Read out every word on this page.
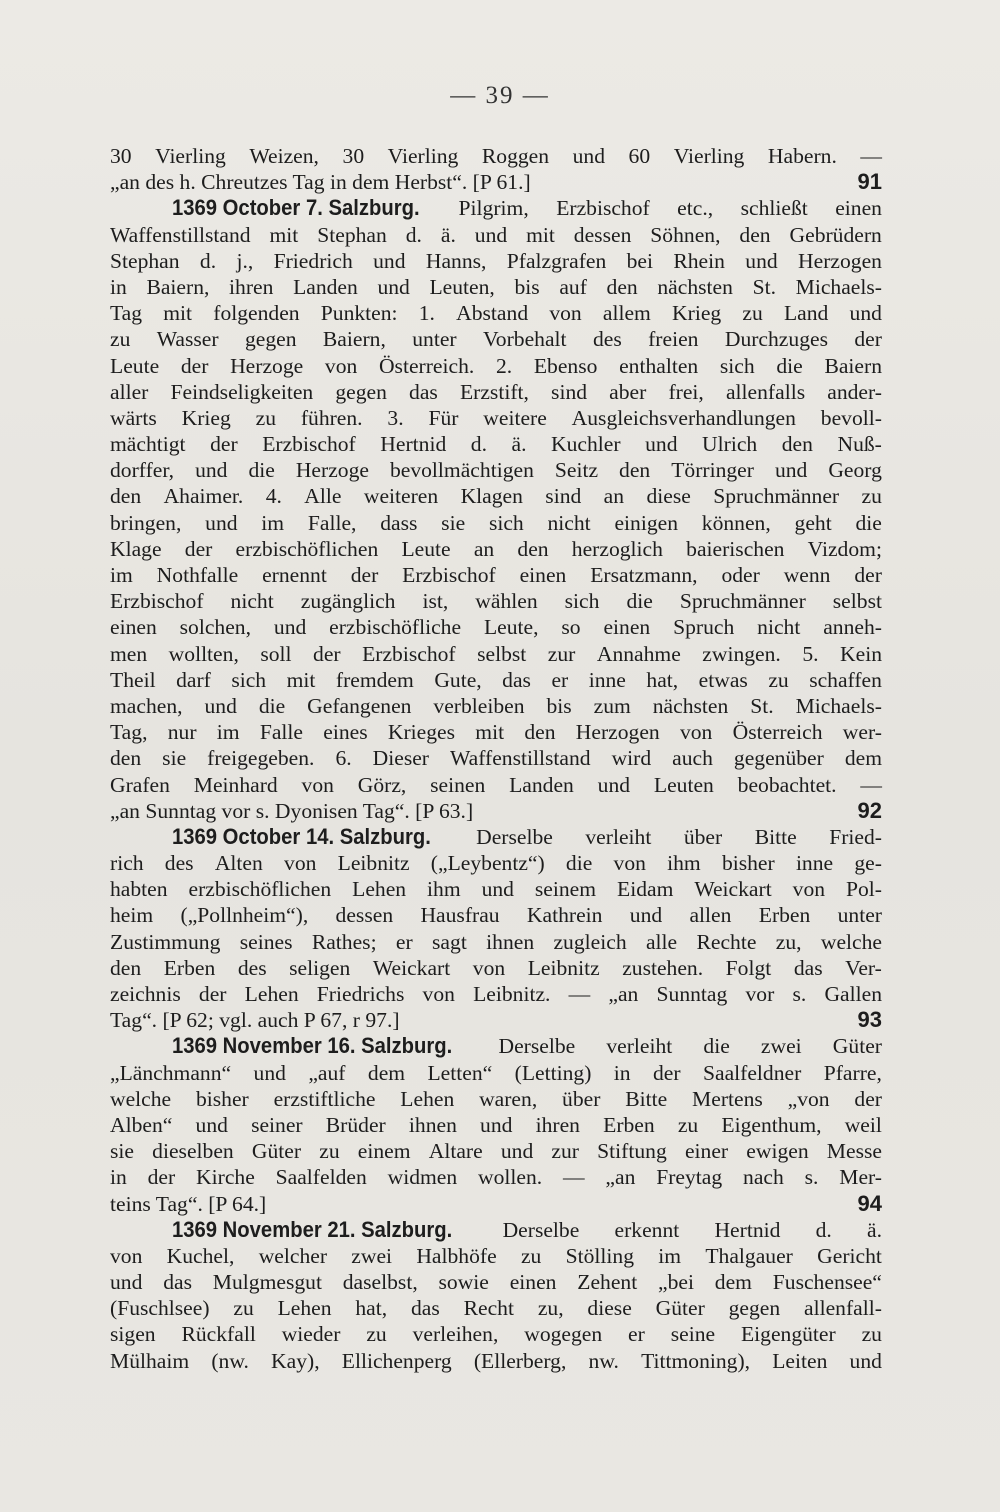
— 39 —
30 Vierling Weizen, 30 Vierling Roggen und 60 Vierling Habern. —
„an des h. Chreutzes Tag in dem Herbst“. [P 61.]	91
1369 October 7. Salzburg. Pilgrim, Erzbischof etc., schließt einen
Waffenstillstand mit Stephan d. ä. und mit dessen Söhnen, den Gebrüdern
Stephan d. j., Friedrich und Hanns, Pfalzgrafen bei Rhein und Herzogen
in Baiern, ihren Landen und Leuten, bis auf den nächsten St. Michaels-
Tag mit folgenden Punkten: 1. Abstand von allem Krieg zu Land und
zu Wasser gegen Baiern, unter Vorbehalt des freien Durchzuges der
Leute der Herzoge von Österreich. 2. Ebenso enthalten sich die Baiern
aller Feindseligkeiten gegen das Erzstift, sind aber frei, allenfalls ander-
wärts Krieg zu führen. 3. Für weitere Ausgleichsverhandlungen bevoll-
mächtigt der Erzbischof Hertnid d. ä. Kuchler und Ulrich den Nuß-
dorffer, und die Herzoge bevollmächtigen Seitz den Törringer und Georg
den Ahaimer. 4. Alle weiteren Klagen sind an diese Spruchmänner zu
bringen, und im Falle, dass sie sich nicht einigen können, geht die
Klage der erzbischöflichen Leute an den herzoglich baierischen Vizdom;
im Nothfalle ernennt der Erzbischof einen Ersatzmann, oder wenn der
Erzbischof nicht zugänglich ist, wählen sich die Spruchmänner selbst
einen solchen, und erzbischöfliche Leute, so einen Spruch nicht anneh-
men wollten, soll der Erzbischof selbst zur Annahme zwingen. 5. Kein
Theil darf sich mit fremdem Gute, das er inne hat, etwas zu schaffen
machen, und die Gefangenen verbleiben bis zum nächsten St. Michaels-
Tag, nur im Falle eines Krieges mit den Herzogen von Österreich wer-
den sie freigegeben. 6. Dieser Waffenstillstand wird auch gegenüber dem
Grafen Meinhard von Görz, seinen Landen und Leuten beobachtet. —
„an Sunntag vor s. Dyonisen Tag“. [P 63.]	92
1369 October 14. Salzburg. Derselbe verleiht über Bitte Fried-
rich des Alten von Leibnitz („Leybentz“) die von ihm bisher inne ge-
habten erzbischöflichen Lehen ihm und seinem Eidam Weickart von Pol-
heim („Pollnheim“), dessen Hausfrau Kathrein und allen Erben unter
Zustimmung seines Rathes; er sagt ihnen zugleich alle Rechte zu, welche
den Erben des seligen Weickart von Leibnitz zustehen. Folgt das Ver-
zeichnis der Lehen Friedrichs von Leibnitz. — „an Sunntag vor s. Gallen
Tag“. [P 62; vgl. auch P 67, r 97.]	93
1369 November 16. Salzburg. Derselbe verleiht die zwei Güter
„Länchmann“ und „auf dem Letten“ (Letting) in der Saalfeldner Pfarre,
welche bisher erzstiftliche Lehen waren, über Bitte Mertens „von der
Alben“ und seiner Brüder ihnen und ihren Erben zu Eigenthum, weil
sie dieselben Güter zu einem Altare und zur Stiftung einer ewigen Messe
in der Kirche Saalfelden widmen wollen. — „an Freytag nach s. Mer-
teins Tag“. [P 64.]	94
1369 November 21. Salzburg. Derselbe erkennt Hertnid d. ä.
von Kuchel, welcher zwei Halbhöfe zu Stölling im Thalgauer Gericht
und das Mulgmesgut daselbst, sowie einen Zehent „bei dem Fuschensee“
(Fuschlsee) zu Lehen hat, das Recht zu, diese Güter gegen allenfall-
sigen Rückfall wieder zu verleihen, wogegen er seine Eigengüter zu
Mülhaim (nw. Kay), Ellichenperg (Ellerberg, nw. Tittmoning), Leiten und
